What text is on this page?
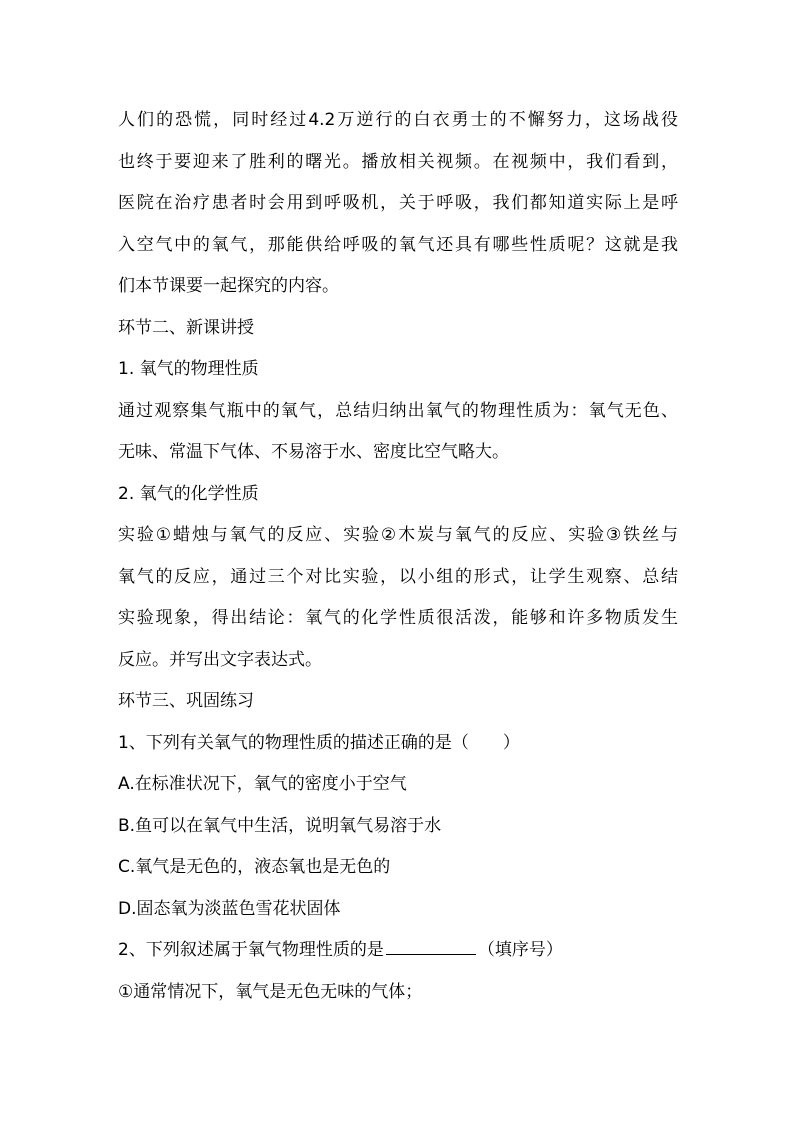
人们的恐慌，同时经过4.2万逆行的白衣勇士的不懈努力，这场战役
也终于要迎来了胜利的曙光。播放相关视频。在视频中，我们看到，
医院在治疗患者时会用到呼吸机，关于呼吸，我们都知道实际上是呼
入空气中的氧气，那能供给呼吸的氧气还具有哪些性质呢？这就是我
们本节课要一起探究的内容。
环节二、新课讲授
1. 氧气的物理性质
通过观察集气瓶中的氧气，总结归纳出氧气的物理性质为：氧气无色、
无味、常温下气体、不易溶于水、密度比空气略大。
2. 氧气的化学性质
实验①蜡烛与氧气的反应、实验②木炭与氧气的反应、实验③铁丝与
氧气的反应，通过三个对比实验，以小组的形式，让学生观察、总结
实验现象，得出结论：氧气的化学性质很活泼，能够和许多物质发生
反应。并写出文字表达式。
环节三、巩固练习
1、下列有关氧气的物理性质的描述正确的是（　　）
A.在标准状况下，氧气的密度小于空气
B.鱼可以在氧气中生活，说明氧气易溶于水
C.氧气是无色的，液态氧也是无色的
D.固态氧为淡蓝色雪花状固体
2、下列叙述属于氧气物理性质的是	（填序号）
①通常情况下，氧气是无色无味的气体；
